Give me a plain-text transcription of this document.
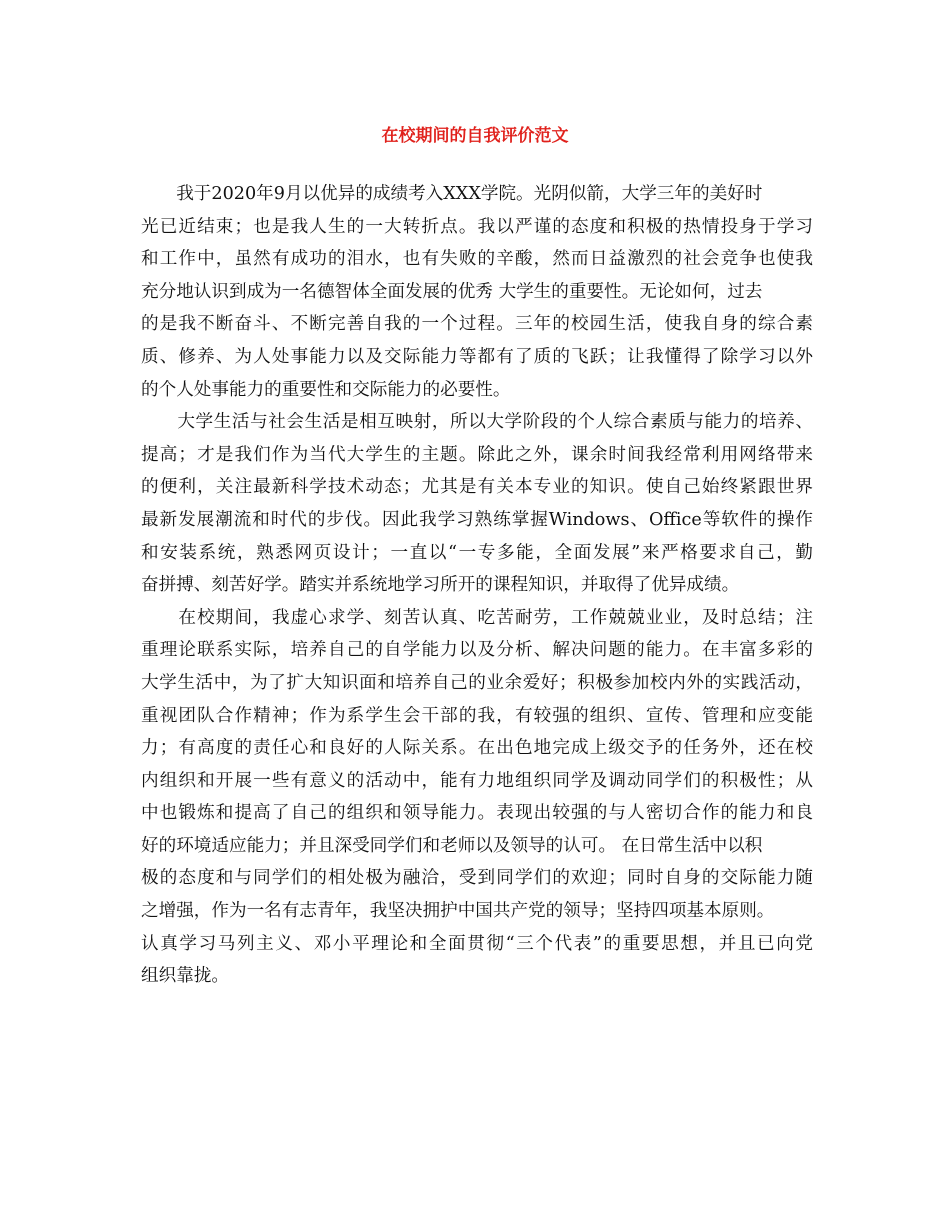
在校期间的自我评价范文
　　我于2020年9月以优异的成绩考入XXX学院。光阴似箭，大学三年的美好时
光已近结束；也是我人生的一大转折点。我以严谨的态度和积极的热情投身于学习
和工作中，虽然有成功的泪水，也有失败的辛酸，然而日益激烈的社会竞争也使我
充分地认识到成为一名德智体全面发展的优秀 大学生的重要性。无论如何，过去
的是我不断奋斗、不断完善自我的一个过程。三年的校园生活，使我自身的综合素
质、修养、为人处事能力以及交际能力等都有了质的飞跃；让我懂得了除学习以外
的个人处事能力的重要性和交际能力的必要性。
　　大学生活与社会生活是相互映射，所以大学阶段的个人综合素质与能力的培养、
提高；才是我们作为当代大学生的主题。除此之外，课余时间我经常利用网络带来
的便利，关注最新科学技术动态；尤其是有关本专业的知识。使自己始终紧跟世界
最新发展潮流和时代的步伐。因此我学习熟练掌握Windows、Office等软件的操作
和安装系统，熟悉网页设计；一直以“一专多能，全面发展”来严格要求自己，勤
奋拼搏、刻苦好学。踏实并系统地学习所开的课程知识，并取得了优异成绩。
　　在校期间，我虚心求学、刻苦认真、吃苦耐劳，工作兢兢业业，及时总结；注
重理论联系实际，培养自己的自学能力以及分析、解决问题的能力。在丰富多彩的
大学生活中，为了扩大知识面和培养自己的业余爱好；积极参加校内外的实践活动，
重视团队合作精神；作为系学生会干部的我，有较强的组织、宣传、管理和应变能
力；有高度的责任心和良好的人际关系。在出色地完成上级交予的任务外，还在校
内组织和开展一些有意义的活动中，能有力地组织同学及调动同学们的积极性；从
中也锻炼和提高了自己的组织和领导能力。表现出较强的与人密切合作的能力和良
好的环境适应能力；并且深受同学们和老师以及领导的认可。 在日常生活中以积
极的态度和与同学们的相处极为融洽，受到同学们的欢迎；同时自身的交际能力随
之增强，作为一名有志青年，我坚决拥护中国共产党的领导；坚持四项基本原则。
认真学习马列主义、邓小平理论和全面贯彻“三个代表”的重要思想，并且已向党
组织靠拢。
